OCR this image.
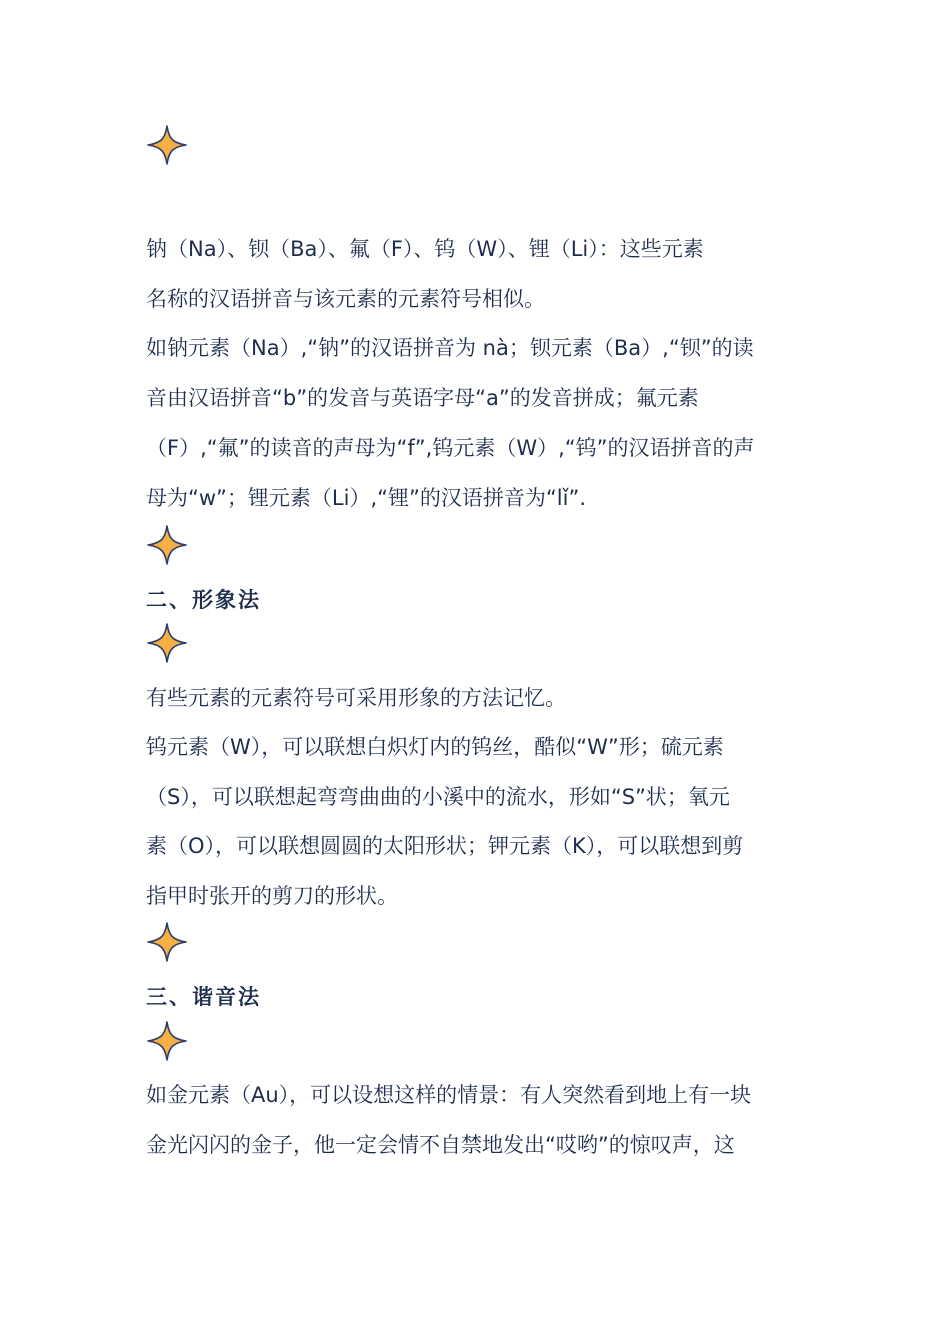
钠（Na）、钡（Ba）、氟（F）、钨（W）、锂（Li）：这些元素
名称的汉语拼音与该元素的元素符号相似。
如钠元素（Na）,“钠”的汉语拼音为 nà；钡元素（Ba）,“钡”的读
音由汉语拼音“b”的发音与英语字母“a”的发音拼成；氟元素
（F）,“氟”的读音的声母为“f”,钨元素（W）,“钨”的汉语拼音的声
母为“w”；锂元素（Li）,“锂”的汉语拼音为“lǐ”.
二、形象法
有些元素的元素符号可采用形象的方法记忆。
钨元素（W），可以联想白炽灯内的钨丝，酷似“W”形；硫元素
（S），可以联想起弯弯曲曲的小溪中的流水，形如“S”状；氧元
素（O），可以联想圆圆的太阳形状；钾元素（K），可以联想到剪
指甲时张开的剪刀的形状。
三、谐音法
如金元素（Au），可以设想这样的情景：有人突然看到地上有一块
金光闪闪的金子，他一定会情不自禁地发出“哎哟”的惊叹声，这
